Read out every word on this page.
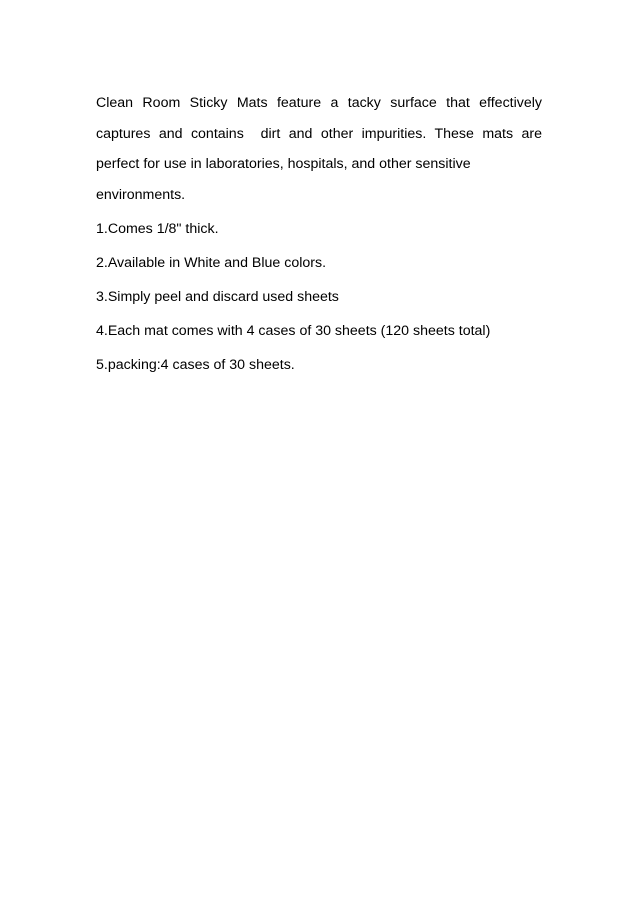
Clean Room Sticky Mats feature a tacky surface that effectively
captures and contains  dirt and other impurities. These mats are
perfect for use in laboratories, hospitals, and other sensitive
environments.
1.Comes 1/8" thick.
2.Available in White and Blue colors.
3.Simply peel and discard used sheets
4.Each mat comes with 4 cases of 30 sheets (120 sheets total)
5.packing:4 cases of 30 sheets.
